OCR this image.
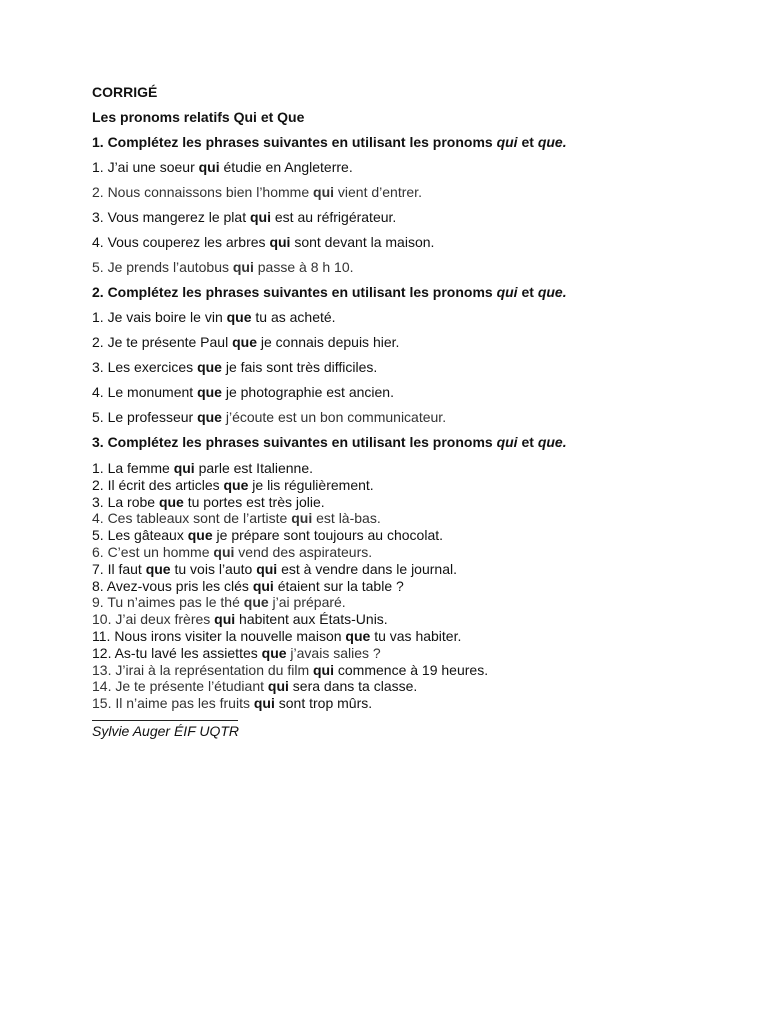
CORRIGÉ
Les pronoms relatifs Qui et Que
1. Complétez les phrases suivantes en utilisant les pronoms qui et que.
1. J’ai une soeur qui étudie en Angleterre.
2. Nous connaissons bien l’homme qui vient d’entrer.
3. Vous mangerez le plat qui est au réfrigérateur.
4. Vous couperez les arbres qui sont devant la maison.
5. Je prends l’autobus qui passe à 8 h 10.
2. Complétez les phrases suivantes en utilisant les pronoms qui et que.
1. Je vais boire le vin que tu as acheté.
2. Je te présente Paul que je connais depuis hier.
3. Les exercices que je fais sont très difficiles.
4. Le monument que je photographie est ancien.
5. Le professeur que j’écoute est un bon communicateur.
3. Complétez les phrases suivantes en utilisant les pronoms qui et que.
1. La femme qui parle est Italienne.
2. Il écrit des articles que je lis régulièrement.
3. La robe que tu portes est très jolie.
4. Ces tableaux sont de l’artiste qui est là-bas.
5. Les gâteaux que je prépare sont toujours au chocolat.
6. C’est un homme qui vend des aspirateurs.
7. Il faut que tu vois l’auto qui est à vendre dans le journal.
8. Avez-vous pris les clés qui étaient sur la table ?
9. Tu n’aimes pas le thé que j’ai préparé.
10. J’ai deux frères qui habitent aux États-Unis.
11. Nous irons visiter la nouvelle maison que tu vas habiter.
12. As-tu lavé les assiettes que j’avais salies ?
13. J’irai à la représentation du film qui commence à 19 heures.
14. Je te présente l’étudiant qui sera dans ta classe.
15. Il n’aime pas les fruits qui sont trop mûrs.
Sylvie Auger ÉIF UQTR
